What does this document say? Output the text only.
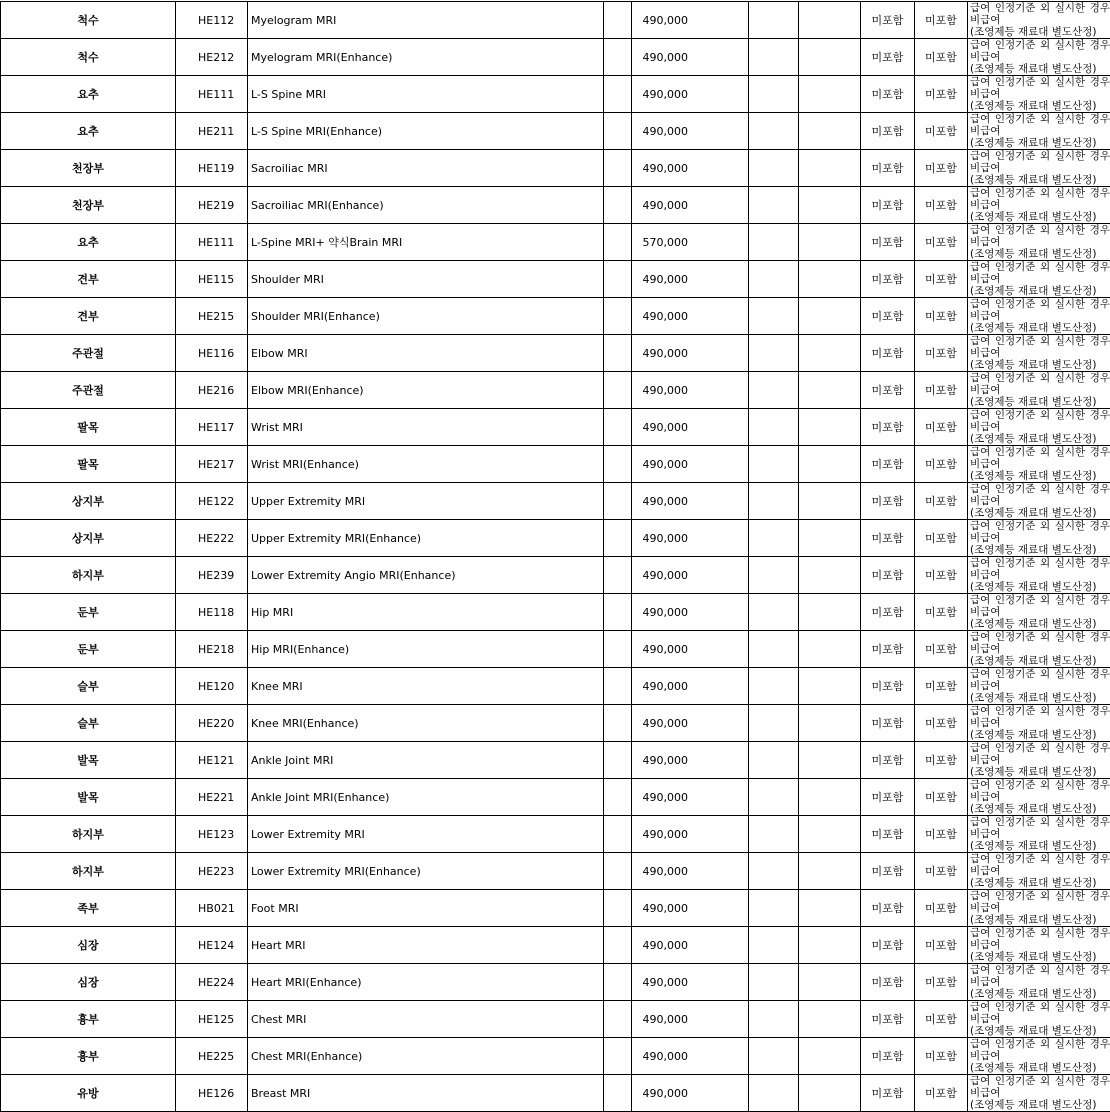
척수	HE112	Myelogram MRI		490,000			미포함	미포함	급여 인정기준 외 실시한 경우 비급여
(조영제등 재료대 별도산정)

척수	HE212	Myelogram MRI(Enhance)		490,000			미포함	미포함	급여 인정기준 외 실시한 경우 비급여
(조영제등 재료대 별도산정)

요추	HE111	L-S Spine MRI		490,000			미포함	미포함	급여 인정기준 외 실시한 경우 비급여
(조영제등 재료대 별도산정)

요추	HE211	L-S Spine MRI(Enhance)		490,000			미포함	미포함	급여 인정기준 외 실시한 경우 비급여
(조영제등 재료대 별도산정)

천장부	HE119	Sacroiliac MRI		490,000			미포함	미포함	급여 인정기준 외 실시한 경우 비급여
(조영제등 재료대 별도산정)

천장부	HE219	Sacroiliac MRI(Enhance)		490,000			미포함	미포함	급여 인정기준 외 실시한 경우 비급여
(조영제등 재료대 별도산정)

요추	HE111	L-Spine MRI+ 약식Brain MRI		570,000			미포함	미포함	급여 인정기준 외 실시한 경우 비급여
(조영제등 재료대 별도산정)

견부	HE115	Shoulder MRI		490,000			미포함	미포함	급여 인정기준 외 실시한 경우 비급여
(조영제등 재료대 별도산정)

견부	HE215	Shoulder MRI(Enhance)		490,000			미포함	미포함	급여 인정기준 외 실시한 경우 비급여
(조영제등 재료대 별도산정)

주관절	HE116	Elbow MRI		490,000			미포함	미포함	급여 인정기준 외 실시한 경우 비급여
(조영제등 재료대 별도산정)

주관절	HE216	Elbow MRI(Enhance)		490,000			미포함	미포함	급여 인정기준 외 실시한 경우 비급여
(조영제등 재료대 별도산정)

팔목	HE117	Wrist MRI		490,000			미포함	미포함	급여 인정기준 외 실시한 경우 비급여
(조영제등 재료대 별도산정)

팔목	HE217	Wrist MRI(Enhance)		490,000			미포함	미포함	급여 인정기준 외 실시한 경우 비급여
(조영제등 재료대 별도산정)

상지부	HE122	Upper Extremity MRI		490,000			미포함	미포함	급여 인정기준 외 실시한 경우 비급여
(조영제등 재료대 별도산정)

상지부	HE222	Upper Extremity MRI(Enhance)		490,000			미포함	미포함	급여 인정기준 외 실시한 경우 비급여
(조영제등 재료대 별도산정)

하지부	HE239	Lower Extremity Angio MRI(Enhance)		490,000			미포함	미포함	급여 인정기준 외 실시한 경우 비급여
(조영제등 재료대 별도산정)

둔부	HE118	Hip MRI		490,000			미포함	미포함	급여 인정기준 외 실시한 경우 비급여
(조영제등 재료대 별도산정)

둔부	HE218	Hip MRI(Enhance)		490,000			미포함	미포함	급여 인정기준 외 실시한 경우 비급여
(조영제등 재료대 별도산정)

슬부	HE120	Knee MRI		490,000			미포함	미포함	급여 인정기준 외 실시한 경우 비급여
(조영제등 재료대 별도산정)

슬부	HE220	Knee MRI(Enhance)		490,000			미포함	미포함	급여 인정기준 외 실시한 경우 비급여
(조영제등 재료대 별도산정)

발목	HE121	Ankle Joint MRI		490,000			미포함	미포함	급여 인정기준 외 실시한 경우 비급여
(조영제등 재료대 별도산정)

발목	HE221	Ankle Joint MRI(Enhance)		490,000			미포함	미포함	급여 인정기준 외 실시한 경우 비급여
(조영제등 재료대 별도산정)

하지부	HE123	Lower Extremity MRI		490,000			미포함	미포함	급여 인정기준 외 실시한 경우 비급여
(조영제등 재료대 별도산정)

하지부	HE223	Lower Extremity MRI(Enhance)		490,000			미포함	미포함	급여 인정기준 외 실시한 경우 비급여
(조영제등 재료대 별도산정)

족부	HB021	Foot MRI		490,000			미포함	미포함	급여 인정기준 외 실시한 경우 비급여
(조영제등 재료대 별도산정)

심장	HE124	Heart MRI		490,000			미포함	미포함	급여 인정기준 외 실시한 경우 비급여
(조영제등 재료대 별도산정)

심장	HE224	Heart MRI(Enhance)		490,000			미포함	미포함	급여 인정기준 외 실시한 경우 비급여
(조영제등 재료대 별도산정)

흉부	HE125	Chest MRI		490,000			미포함	미포함	급여 인정기준 외 실시한 경우 비급여
(조영제등 재료대 별도산정)

흉부	HE225	Chest MRI(Enhance)		490,000			미포함	미포함	급여 인정기준 외 실시한 경우 비급여
(조영제등 재료대 별도산정)

유방	HE126	Breast MRI		490,000			미포함	미포함	급여 인정기준 외 실시한 경우 비급여
(조영제등 재료대 별도산정)
